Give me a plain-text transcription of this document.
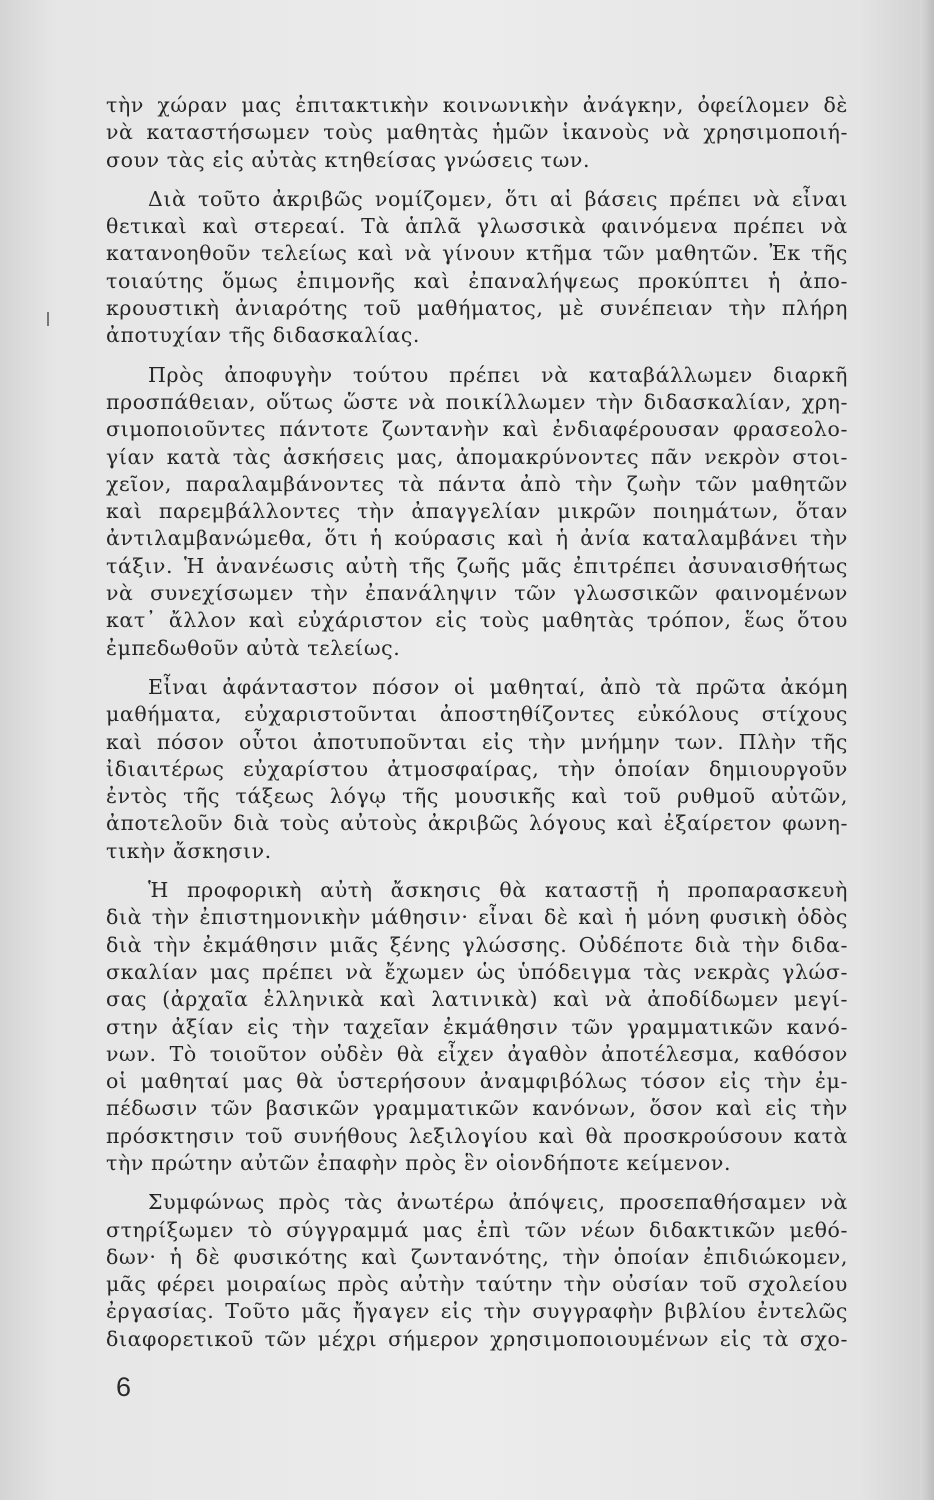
τὴν χώραν μας ἐπιτακτικὴν κοινωνικὴν ἀνάγκην, ὀφείλομεν δὲ
νὰ καταστήσωμεν τοὺς μαθητὰς ἡμῶν ἱκανοὺς νὰ χρησιμοποιή-
σουν τὰς εἰς αὐτὰς κτηθείσας γνώσεις των.
Διὰ τοῦτο ἀκριβῶς νομίζομεν, ὅτι αἱ βάσεις πρέπει νὰ εἶναι
θετικαὶ καὶ στερεαί. Τὰ ἁπλᾶ γλωσσικὰ φαινόμενα πρέπει νὰ
κατανοηθοῦν τελείως καὶ νὰ γίνουν κτῆμα τῶν μαθητῶν. Ἐκ τῆς
τοιαύτης ὅμως ἐπιμονῆς καὶ ἐπαναλήψεως προκύπτει ἡ ἀπο-
κρουστικὴ ἀνιαρότης τοῦ μαθήματος, μὲ συνέπειαν τὴν πλήρη
ἀποτυχίαν τῆς διδασκαλίας.
Πρὸς ἀποφυγὴν τούτου πρέπει νὰ καταβάλλωμεν διαρκῆ
προσπάθειαν, οὕτως ὥστε νὰ ποικίλλωμεν τὴν διδασκαλίαν, χρη-
σιμοποιοῦντες πάντοτε ζωντανὴν καὶ ἐνδιαφέρουσαν φρασεολο-
γίαν κατὰ τὰς ἀσκήσεις μας, ἀπομακρύνοντες πᾶν νεκρὸν στοι-
χεῖον, παραλαμβάνοντες τὰ πάντα ἀπὸ τὴν ζωὴν τῶν μαθητῶν
καὶ παρεμβάλλοντες τὴν ἀπαγγελίαν μικρῶν ποιημάτων, ὅταν
ἀντιλαμβανώμεθα, ὅτι ἡ κούρασις καὶ ἡ ἀνία καταλαμβάνει τὴν
τάξιν. Ἡ ἀνανέωσις αὐτὴ τῆς ζωῆς μᾶς ἐπιτρέπει ἀσυναισθήτως
νὰ συνεχίσωμεν τὴν ἐπανάληψιν τῶν γλωσσικῶν φαινομένων
κατ᾽ ἄλλον καὶ εὐχάριστον εἰς τοὺς μαθητὰς τρόπον, ἕως ὅτου
ἐμπεδωθοῦν αὐτὰ τελείως.
Εἶναι ἀφάνταστον πόσον οἱ μαθηταί, ἀπὸ τὰ πρῶτα ἀκόμη
μαθήματα, εὐχαριστοῦνται ἀποστηθίζοντες εὐκόλους στίχους
καὶ πόσον οὗτοι ἀποτυποῦνται εἰς τὴν μνήμην των. Πλὴν τῆς
ἰδιαιτέρως εὐχαρίστου ἀτμοσφαίρας, τὴν ὁποίαν δημιουργοῦν
ἐντὸς τῆς τάξεως λόγῳ τῆς μουσικῆς καὶ τοῦ ρυθμοῦ αὐτῶν,
ἀποτελοῦν διὰ τοὺς αὐτοὺς ἀκριβῶς λόγους καὶ ἐξαίρετον φωνη-
τικὴν ἄσκησιν.
Ἡ προφορικὴ αὐτὴ ἄσκησις θὰ καταστῇ ἡ προπαρασκευὴ
διὰ τὴν ἐπιστημονικὴν μάθησιν· εἶναι δὲ καὶ ἡ μόνη φυσικὴ ὁδὸς
διὰ τὴν ἐκμάθησιν μιᾶς ξένης γλώσσης. Οὐδέποτε διὰ τὴν διδα-
σκαλίαν μας πρέπει νὰ ἔχωμεν ὡς ὑπόδειγμα τὰς νεκρὰς γλώσ-
σας (ἀρχαῖα ἑλληνικὰ καὶ λατινικὰ) καὶ νὰ ἀποδίδωμεν μεγί-
στην ἀξίαν εἰς τὴν ταχεῖαν ἐκμάθησιν τῶν γραμματικῶν κανό-
νων. Τὸ τοιοῦτον οὐδὲν θὰ εἶχεν ἀγαθὸν ἀποτέλεσμα, καθόσον
οἱ μαθηταί μας θὰ ὑστερήσουν ἀναμφιβόλως τόσον εἰς τὴν ἐμ-
πέδωσιν τῶν βασικῶν γραμματικῶν κανόνων, ὅσον καὶ εἰς τὴν
πρόσκτησιν τοῦ συνήθους λεξιλογίου καὶ θὰ προσκρούσουν κατὰ
τὴν πρώτην αὐτῶν ἐπαφὴν πρὸς ἓν οἱονδήποτε κείμενον.
Συμφώνως πρὸς τὰς ἀνωτέρω ἀπόψεις, προσεπαθήσαμεν νὰ
στηρίξωμεν τὸ σύγγραμμά μας ἐπὶ τῶν νέων διδακτικῶν μεθό-
δων· ἡ δὲ φυσικότης καὶ ζωντανότης, τὴν ὁποίαν ἐπιδιώκομεν,
μᾶς φέρει μοιραίως πρὸς αὐτὴν ταύτην τὴν οὐσίαν τοῦ σχολείου
ἐργασίας. Τοῦτο μᾶς ἤγαγεν εἰς τὴν συγγραφὴν βιβλίου ἐντελῶς
διαφορετικοῦ τῶν μέχρι σήμερον χρησιμοποιουμένων εἰς τὰ σχο-
6
